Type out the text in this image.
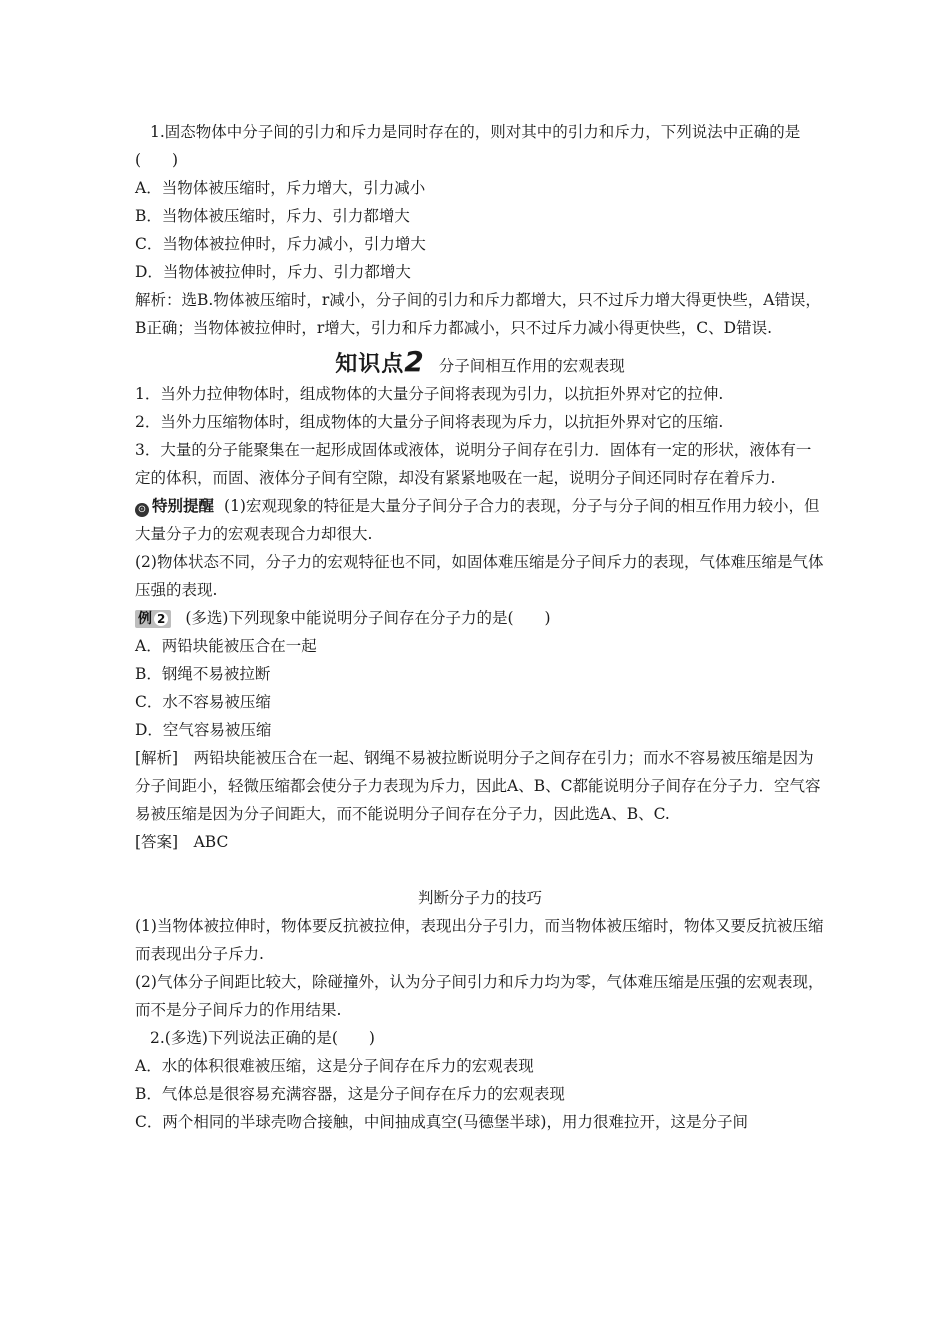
1.固态物体中分子间的引力和斥力是同时存在的，则对其中的引力和斥力，下列说法中正确的是(　　)

A．当物体被压缩时，斥力增大，引力减小

B．当物体被压缩时，斥力、引力都增大

C．当物体被拉伸时，斥力减小，引力增大

D．当物体被拉伸时，斥力、引力都增大

解析：选B.物体被压缩时，r减小，分子间的引力和斥力都增大，只不过斥力增大得更快些，A错误，B正确；当物体被拉伸时，r增大，引力和斥力都减小，只不过斥力减小得更快些，C、D错误.

知识点2 分子间相互作用的宏观表现

1．当外力拉伸物体时，组成物体的大量分子间将表现为引力，以抗拒外界对它的拉伸.

2．当外力压缩物体时，组成物体的大量分子间将表现为斥力，以抗拒外界对它的压缩.

3．大量的分子能聚集在一起形成固体或液体，说明分子间存在引力．固体有一定的形状，液体有一定的体积，而固、液体分子间有空隙，却没有紧紧地吸在一起，说明分子间还同时存在着斥力.

⊙ 特别提醒 (1)宏观现象的特征是大量分子间分子合力的表现，分子与分子间的相互作用力较小，但大量分子力的宏观表现合力却很大.

(2)物体状态不同，分子力的宏观特征也不同，如固体难压缩是分子间斥力的表现，气体难压缩是气体压强的表现.

例 2 (多选)下列现象中能说明分子间存在分子力的是(　　)

A．两铅块能被压合在一起

B．钢绳不易被拉断

C．水不容易被压缩

D．空气容易被压缩

[解析]　两铅块能被压合在一起、钢绳不易被拉断说明分子之间存在引力；而水不容易被压缩是因为分子间距小，轻微压缩都会使分子力表现为斥力，因此A、B、C都能说明分子间存在分子力．空气容易被压缩是因为分子间距大，而不能说明分子间存在分子力，因此选A、B、C.

[答案]　ABC

判断分子力的技巧

(1)当物体被拉伸时，物体要反抗被拉伸，表现出分子引力，而当物体被压缩时，物体又要反抗被压缩而表现出分子斥力.

(2)气体分子间距比较大，除碰撞外，认为分子间引力和斥力均为零，气体难压缩是压强的宏观表现，而不是分子间斥力的作用结果.

2.(多选)下列说法正确的是(　　)

A．水的体积很难被压缩，这是分子间存在斥力的宏观表现

B．气体总是很容易充满容器，这是分子间存在斥力的宏观表现

C．两个相同的半球壳吻合接触，中间抽成真空(马德堡半球)，用力很难拉开，这是分子间
